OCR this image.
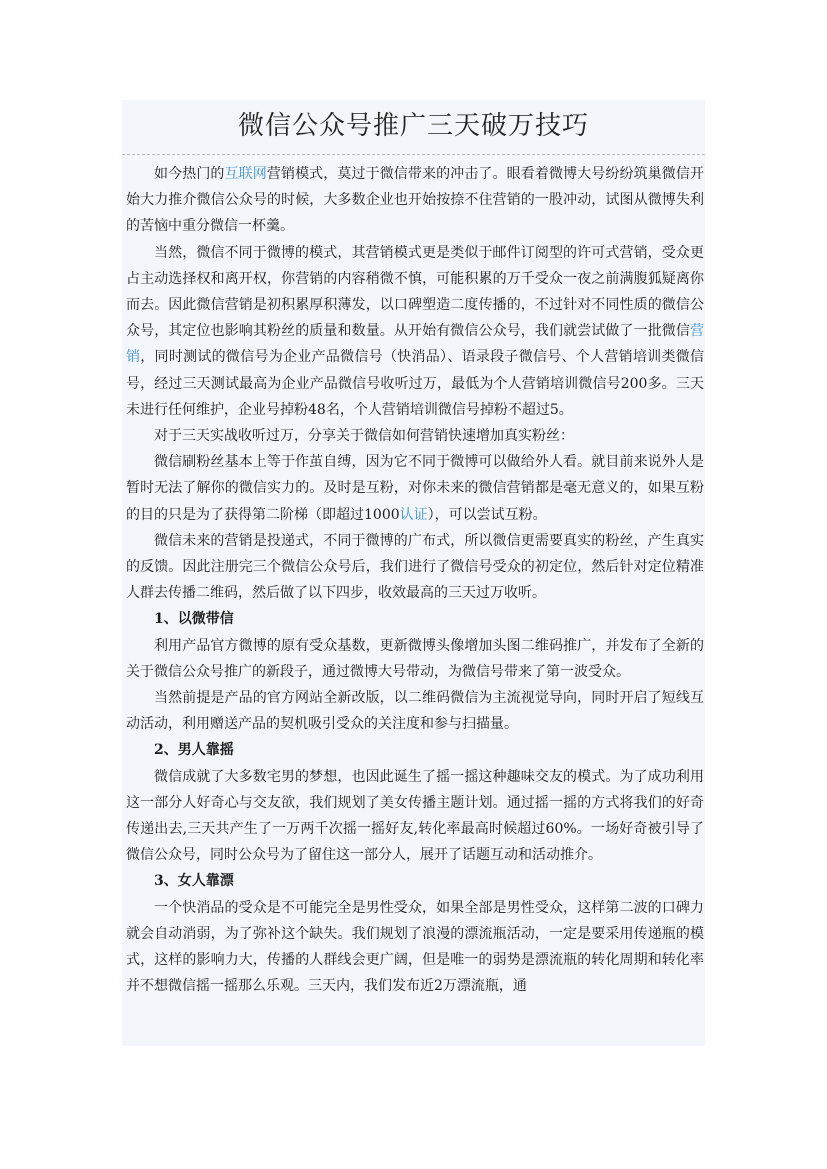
微信公众号推广三天破万技巧

如今热门的互联网营销模式，莫过于微信带来的冲击了。眼看着微博大号纷纷筑巢微信开始大力推介微信公众号的时候，大多数企业也开始按捺不住营销的一股冲动，试图从微博失利的苦恼中重分微信一杯羹。

当然，微信不同于微博的模式，其营销模式更是类似于邮件订阅型的许可式营销，受众更占主动选择权和离开权，你营销的内容稍微不慎，可能积累的万千受众一夜之前满腹狐疑离你而去。因此微信营销是初积累厚积薄发，以口碑塑造二度传播的，不过针对不同性质的微信公众号，其定位也影响其粉丝的质量和数量。从开始有微信公众号，我们就尝试做了一批微信营销，同时测试的微信号为企业产品微信号（快消品）、语录段子微信号、个人营销培训类微信号，经过三天测试最高为企业产品微信号收听过万，最低为个人营销培训微信号200多。三天未进行任何维护，企业号掉粉48名，个人营销培训微信号掉粉不超过5。

对于三天实战收听过万，分享关于微信如何营销快速增加真实粉丝：

微信刷粉丝基本上等于作茧自缚，因为它不同于微博可以做给外人看。就目前来说外人是暂时无法了解你的微信实力的。及时是互粉，对你未来的微信营销都是毫无意义的，如果互粉的目的只是为了获得第二阶梯（即超过1000认证），可以尝试互粉。

微信未来的营销是投递式，不同于微博的广布式，所以微信更需要真实的粉丝，产生真实的反馈。因此注册完三个微信公众号后，我们进行了微信号受众的初定位，然后针对定位精准人群去传播二维码，然后做了以下四步，收效最高的三天过万收听。

1、以微带信

利用产品官方微博的原有受众基数，更新微博头像增加头图二维码推广，并发布了全新的关于微信公众号推广的新段子，通过微博大号带动，为微信号带来了第一波受众。

当然前提是产品的官方网站全新改版，以二维码微信为主流视觉导向，同时开启了短线互动活动，利用赠送产品的契机吸引受众的关注度和参与扫描量。

2、男人靠摇

微信成就了大多数宅男的梦想，也因此诞生了摇一摇这种趣味交友的模式。为了成功利用这一部分人好奇心与交友欲，我们规划了美女传播主题计划。通过摇一摇的方式将我们的好奇传递出去,三天共产生了一万两千次摇一摇好友,转化率最高时候超过60%。一场好奇被引导了微信公众号，同时公众号为了留住这一部分人，展开了话题互动和活动推介。

3、女人靠漂

一个快消品的受众是不可能完全是男性受众，如果全部是男性受众，这样第二波的口碑力就会自动消弱，为了弥补这个缺失。我们规划了浪漫的漂流瓶活动，一定是要采用传递瓶的模式，这样的影响力大，传播的人群线会更广阔，但是唯一的弱势是漂流瓶的转化周期和转化率并不想微信摇一摇那么乐观。三天内，我们发布近2万漂流瓶，通
